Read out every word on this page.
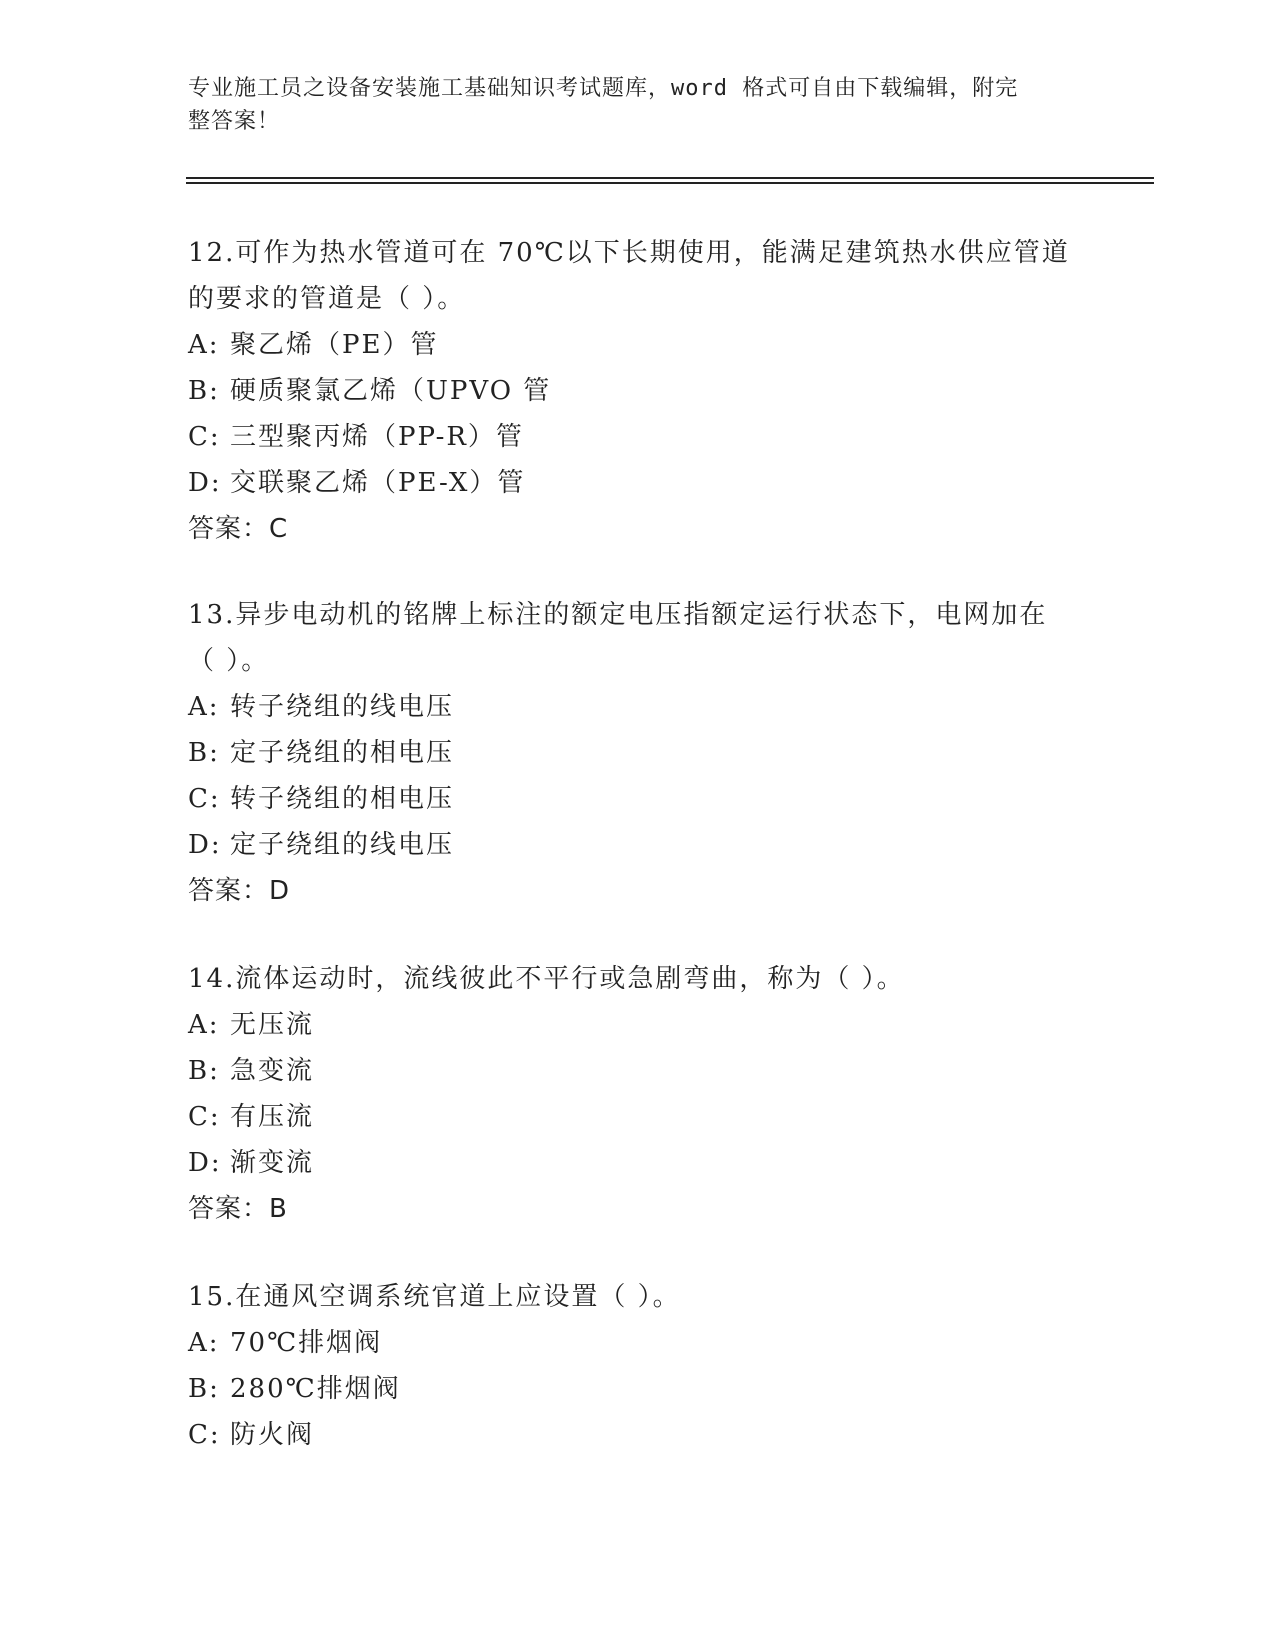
专业施工员之设备安装施工基础知识考试题库，word 格式可自由下载编辑，附完
整答案！
12.可作为热水管道可在 70℃以下长期使用，能满足建筑热水供应管道
的要求的管道是（ ）。
A: 聚乙烯（PE）管
B: 硬质聚氯乙烯（UPVO 管
C: 三型聚丙烯（PP-R）管
D: 交联聚乙烯（PE-X）管
答案：C
13.异步电动机的铭牌上标注的额定电压指额定运行状态下，电网加在
（ ）。
A: 转子绕组的线电压
B: 定子绕组的相电压
C: 转子绕组的相电压
D: 定子绕组的线电压
答案：D
14.流体运动时，流线彼此不平行或急剧弯曲，称为（ ）。
A: 无压流
B: 急变流
C: 有压流
D: 渐变流
答案：B
15.在通风空调系统官道上应设置（ ）。
A: 70℃排烟阀
B: 280℃排烟阀
C: 防火阀
